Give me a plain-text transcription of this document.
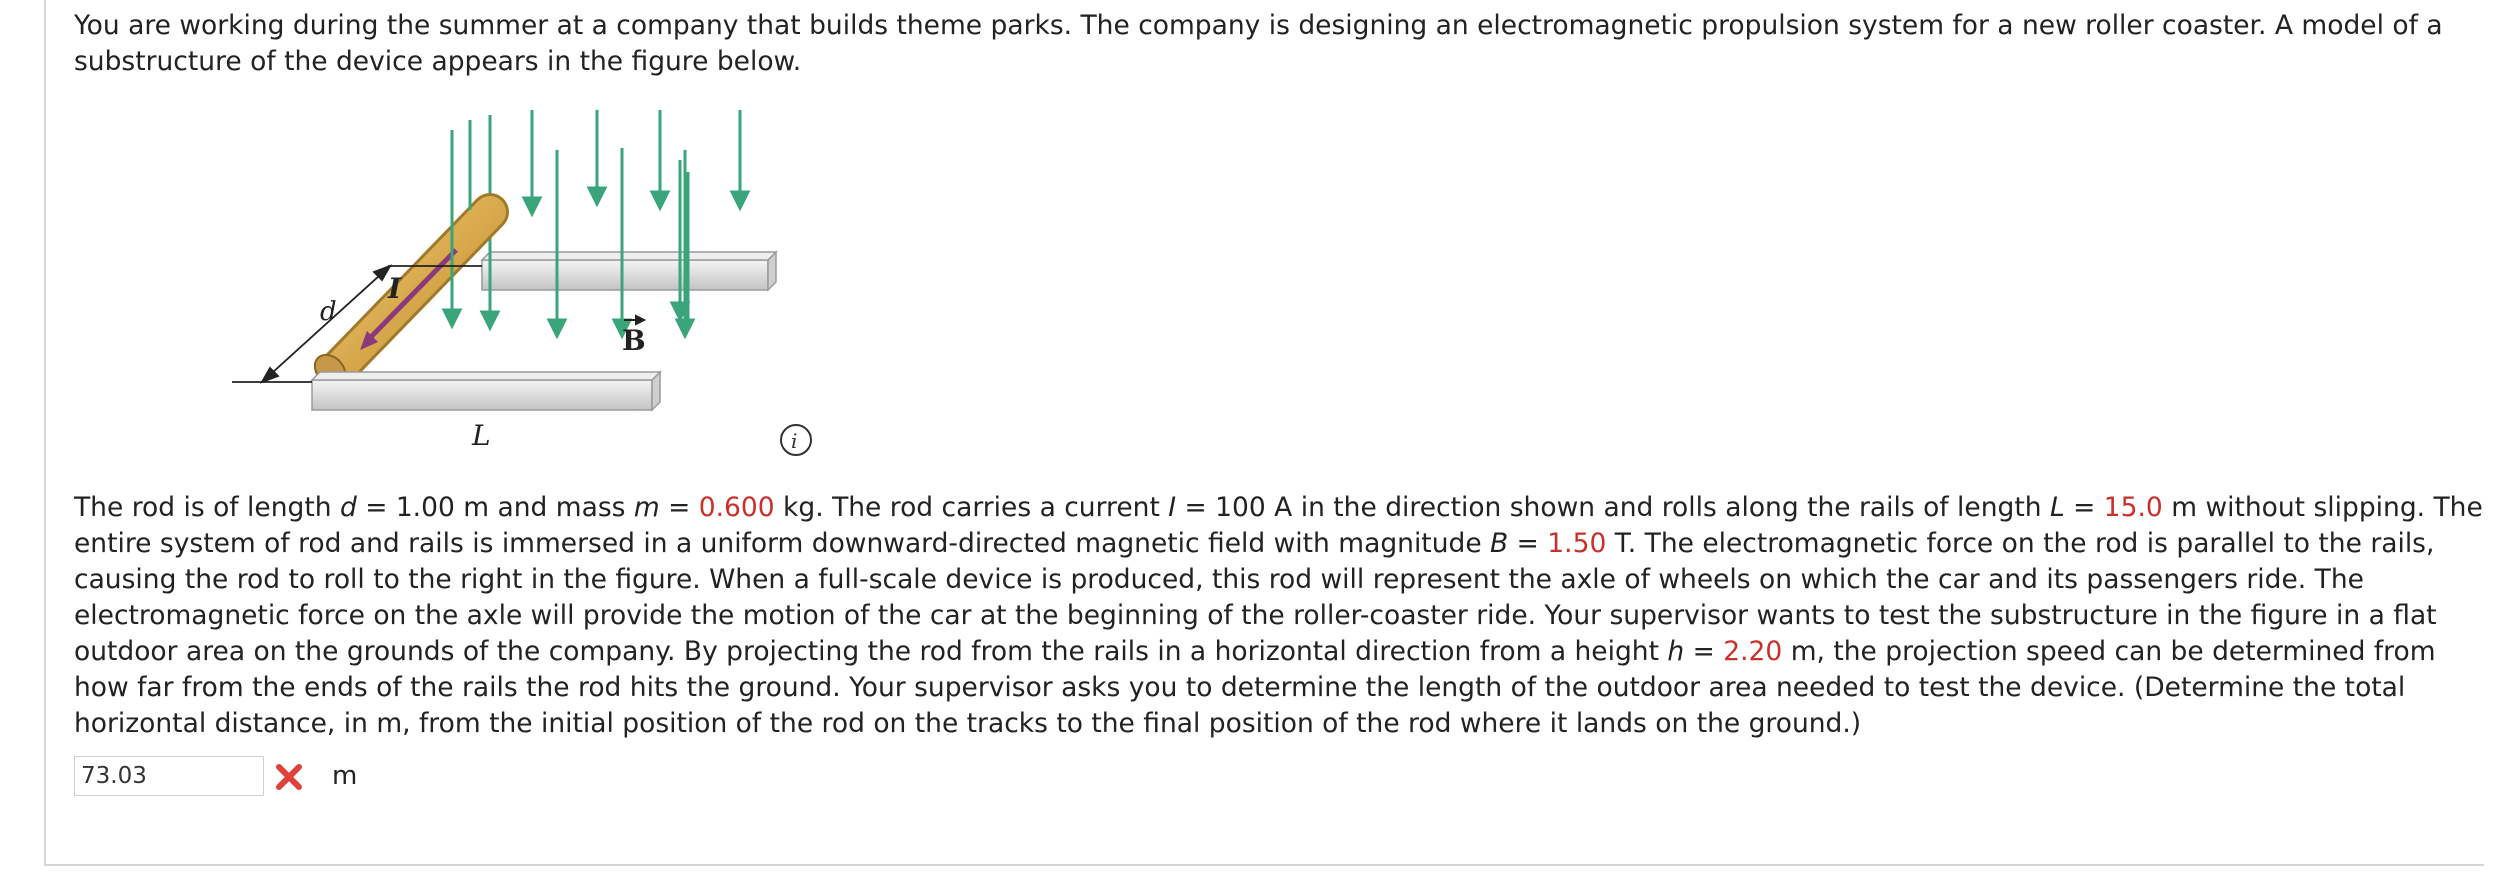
You are working during the summer at a company that builds theme parks. The company is designing an electromagnetic propulsion system for a new roller coaster. A model of a substructure of the device appears in the figure below.
d
I
B
L	i
The rod is of length d = 1.00 m and mass m = 0.600 kg. The rod carries a current I = 100 A in the direction shown and rolls along the rails of length L = 15.0 m without slipping. The entire system of rod and rails is immersed in a uniform downward-directed magnetic field with magnitude B = 1.50 T. The electromagnetic force on the rod is parallel to the rails, causing the rod to roll to the right in the figure. When a full-scale device is produced, this rod will represent the axle of wheels on which the car and its passengers ride. The electromagnetic force on the axle will provide the motion of the car at the beginning of the roller-coaster ride. Your supervisor wants to test the substructure in the figure in a flat outdoor area on the grounds of the company. By projecting the rod from the rails in a horizontal direction from a height h = 2.20 m, the projection speed can be determined from how far from the ends of the rails the rod hits the ground. Your supervisor asks you to determine the length of the outdoor area needed to test the device. (Determine the total horizontal distance, in m, from the initial position of the rod on the tracks to the final position of the rod where it lands on the ground.)
73.03
m
